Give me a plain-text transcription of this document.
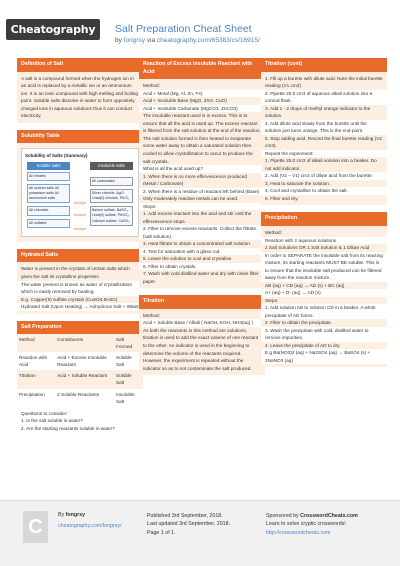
Cheatography Salt Preparation Cheat Sheet
by fongrsy via cheatography.com/65383/cs/16915/
Definition of Salt

A salt is a compound formed when the hydrogen ion in an acid is replaced by a metallic ion or an ammonium ion. It is an ionic compound with high melting and boiling point. Soluble salts dissolve in water to form oppositely charged ions in aqueous solutions thus it can conduct electricity.

Solubility Table
Solubility of Salts (Summary)
Soluble salts
All nitrates
All sodium salts All potassium salts All ammonium salts
All chlorides
All sulfates
except
except
except
Insoluble salts
All carbonates
Silver chloride, AgCl Lead(II) chloride, PbCl₂
Barium sulfate, BaSO₄ Lead(II) sulfate, PbSO₄ Calcium sulfate, CaSO₄
Hydrated Salts

Water is present in the crystals of certain salts which gives the salt its crystalline properties.

The water present is known as water of crystallization which is easily removed by heating.

E.g. Copper(II) sulfate crystals (CuSO4.5H2O)

Hydrated Salt (Upon Heating) → Anhydrous Salt + Water

Salt Preparation
Method	Constituents	Salt Formed
Reaction with Acid	Acid + Excess Insoluble Reactant	Soluble Salt
Titration	Acid + Soluble Reactant	Soluble Salt
Precipitation	2 Soluble Reactants	Insoluble Salt

Questions to consider:

1. Is the salt soluble in water?

2. Are the starting reactants soluble in water?

Reaction of Excess Insoluble Reactant with Acid

Method:

Acid + Metal (Mg, Al, Zn, Fe)

Acid + Insoluble Base (MgO, ZnO, CuO)

Acid + Insoluble Carbonate (MgCO3, ZnCO3)

The insoluble reactant used is in excess. This is to ensure that all the acid is used up. The excess reactant is filtered from the salt solution at the end of the reaction. The salt solution formed is then heated to evaporate some water away to obtain a saturated solution then cooled to allow crystallization to occur to produce the salt crystals.

What is all the acid used up?

1. When there is no more effervescence produced (Metal / Carbonate)

2. When there is a residue of reactant left behind (Base)

Only moderately reactive metals can be used.

Steps:

1. Add excess reactant into the acid and stir until the effervescence stops.

2. Filter to remove excess reactants. Collect the filtrate (salt solution).

3. Heat filtrate to obtain a concentrated salt solution.

4. Test for saturation with a glass rod.

5. Leave the solution to cool and crystalise.

6. Filter to obtain crystals.

7. Wash with cold distilled water and dry with clean filter paper.

Titration

Method:

Acid + Soluble Base / Alkali ( NaOH, KOH, NH3(aq) )

As both the reactants in this method are solutions, titration is used to add the exact volume of one reactant to the other. An indicator is used in the beginning to determine the volume of the reactants required. However, the experiment is repeated without the indicator so as to not contaminate the salt produced.

Titration (cont)

1. Fill up a burette with dilute acid. Note the initial burette reading (V1 cm3)

2. Pipette 25.0 cm3 of aqueous alkali solution into a conical flask.

3. Add 1 - 2 drops of methyl orange indicator to the solution.

4. Add dilute acid slowly from the burette until the solution just turns orange. This is the end-point.

5. Stop adding acid. Record the final burette reading (V2 cm3).

Repeat the experiment:

1. Pipette 25.0 cm3 of alkali solution into a beaker. Do not add indicator.

2. Add (V2 – V1) cm3 of dilute acid from the burette.

3. Heat to saturate the solution.

4. Cool and crystallise to obtain the salt.

5. Filter and dry.

Precipitation

Method:

Reaction with 2 aqueous solutions.

2 Salt Solutions OR 1 Salt Solution & 1 Dilute Acid

In order to SEPARATE the insoluble salt from its reacting mixture, its starting reactants MUST BE soluble. This is to ensure that the insoluble salt produced can be filtered away from the reaction mixture.

AB (aq) + CD (aq) → AD (s) + BC (aq)

A+ (aq) + D- (aq) → AD (s)

Steps:

1. Add solution AB to solution CD in a beaker. A white precipitate of AD forms.

2. Filter to obtain the precipitate.

3. Wash the precipitate with cold, distilled water to remove impurities.

4. Leave the precipitate of AD to dry.

E.g Ba(NO3)2 (aq) + Na2SO4 (aq) → BaSO4 (s) + 2NaNO3 (aq)

C
By fongrsy
cheatography.com/fongrsy/
Published 3rd September, 2018.
Last updated 3rd September, 2018.
Page 1 of 1.
Sponsored by CrosswordCheats.com
Learn to solve cryptic crosswords!
http://crosswordcheats.com
